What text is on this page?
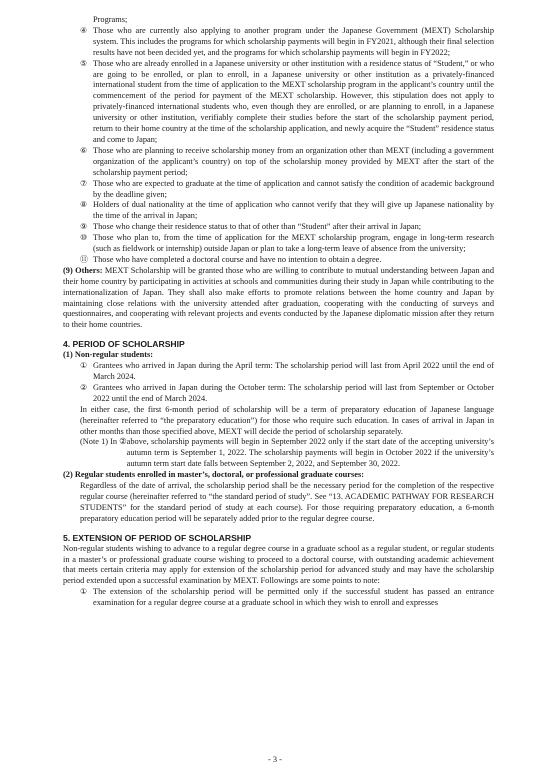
Programs;

④ Those who are currently also applying to another program under the Japanese Government (MEXT) Scholarship system. This includes the programs for which scholarship payments will begin in FY2021, although their final selection results have not been decided yet, and the programs for which scholarship payments will begin in FY2022;
⑤ Those who are already enrolled in a Japanese university or other institution with a residence status of “Student,” or who are going to be enrolled, or plan to enroll, in a Japanese university or other institution as a privately-financed international student from the time of application to the MEXT scholarship program in the applicant’s country until the commencement of the period for payment of the MEXT scholarship. However, this stipulation does not apply to privately-financed international students who, even though they are enrolled, or are planning to enroll, in a Japanese university or other institution, verifiably complete their studies before the start of the scholarship payment period, return to their home country at the time of the scholarship application, and newly acquire the “Student” residence status and come to Japan;
⑥ Those who are planning to receive scholarship money from an organization other than MEXT (including a government organization of the applicant’s country) on top of the scholarship money provided by MEXT after the start of the scholarship payment period;
⑦ Those who are expected to graduate at the time of application and cannot satisfy the condition of academic background by the deadline given;
⑧ Holders of dual nationality at the time of application who cannot verify that they will give up Japanese nationality by the time of the arrival in Japan;
⑨ Those who change their residence status to that of other than “Student” after their arrival in Japan;
⑩ Those who plan to, from the time of application for the MEXT scholarship program, engage in long-term research (such as fieldwork or internship) outside Japan or plan to take a long-term leave of absence from the university;
⑪ Those who have completed a doctoral course and have no intention to obtain a degree.

(9) Others: MEXT Scholarship will be granted those who are willing to contribute to mutual understanding between Japan and their home country by participating in activities at schools and communities during their study in Japan while contributing to the internationalization of Japan. They shall also make efforts to promote relations between the home country and Japan by maintaining close relations with the university attended after graduation, cooperating with the conducting of surveys and questionnaires, and cooperating with relevant projects and events conducted by the Japanese diplomatic mission after they return to their home countries.

4. PERIOD OF SCHOLARSHIP

(1) Non-regular students:

① Grantees who arrived in Japan during the April term: The scholarship period will last from April 2022 until the end of March 2024.
② Grantees who arrived in Japan during the October term: The scholarship period will last from September or October 2022 until the end of March 2024.

In either case, the first 6-month period of scholarship will be a term of preparatory education of Japanese language (hereinafter referred to “the preparatory education”) for those who require such education. In cases of arrival in Japan in other months than those specified above, MEXT will decide the period of scholarship separately.

(Note 1) In ② above, scholarship payments will begin in September 2022 only if the start date of the accepting university’s autumn term is September 1, 2022. The scholarship payments will begin in October 2022 if the university’s autumn term start date falls between September 2, 2022, and September 30, 2022.

(2) Regular students enrolled in master’s, doctoral, or professional graduate courses:

Regardless of the date of arrival, the scholarship period shall be the necessary period for the completion of the respective regular course (hereinafter referred to “the standard period of study”. See “13. ACADEMIC PATHWAY FOR RESEARCH STUDENTS” for the standard period of study at each course). For those requiring preparatory education, a 6-month preparatory education period will be separately added prior to the regular degree course.

5. EXTENSION OF PERIOD OF SCHOLARSHIP

Non-regular students wishing to advance to a regular degree course in a graduate school as a regular student, or regular students in a master’s or professional graduate course wishing to proceed to a doctoral course, with outstanding academic achievement that meets certain criteria may apply for extension of the scholarship period for advanced study and may have the scholarship period extended upon a successful examination by MEXT. Followings are some points to note:

① The extension of the scholarship period will be permitted only if the successful student has passed an entrance examination for a regular degree course at a graduate school in which they wish to enroll and expresses
- 3 -
